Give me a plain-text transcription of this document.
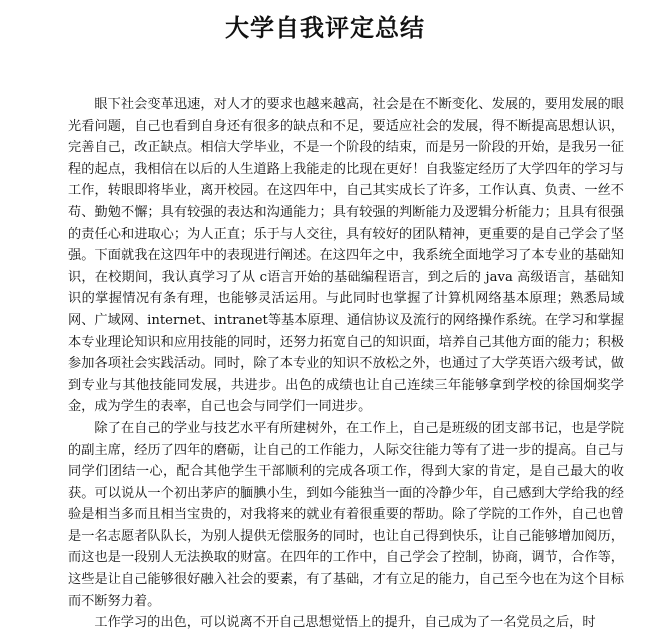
大学自我评定总结

眼下社会变革迅速，对人才的要求也越来越高，社会是在不断变化、发展的，要用发展的眼光看问题，自己也看到自身还有很多的缺点和不足，要适应社会的发展，得不断提高思想认识，完善自己，改正缺点。相信大学毕业，不是一个阶段的结束，而是另一阶段的开始，是我另一征程的起点，我相信在以后的人生道路上我能走的比现在更好！自我鉴定经历了大学四年的学习与工作，转眼即将毕业，离开校园。在这四年中，自己其实成长了许多，工作认真、负责、一丝不苟、勤勉不懈；具有较强的表达和沟通能力；具有较强的判断能力及逻辑分析能力；且具有很强的责任心和进取心；为人正直；乐于与人交往，具有较好的团队精神，更重要的是自己学会了坚强。下面就我在这四年中的表现进行阐述。在这四年之中，我系统全面地学习了本专业的基础知识，在校期间，我认真学习了从 c语言开始的基础编程语言，到之后的 java 高级语言，基础知识的掌握情况有条有理，也能够灵活运用。与此同时也掌握了计算机网络基本原理；熟悉局域网、广域网、internet、intranet等基本原理、通信协议及流行的网络操作系统。在学习和掌握本专业理论知识和应用技能的同时，还努力拓宽自己的知识面，培养自己其他方面的能力；积极参加各项社会实践活动。同时，除了本专业的知识不放松之外，也通过了大学英语六级考试，做到专业与其他技能同发展，共进步。出色的成绩也让自己连续三年能够拿到学校的徐国炯奖学金，成为学生的表率，自己也会与同学们一同进步。

除了在自己的学业与技艺水平有所建树外，在工作上，自己是班级的团支部书记，也是学院的副主席，经历了四年的磨砺，让自己的工作能力，人际交往能力等有了进一步的提高。自己与同学们团结一心，配合其他学生干部顺利的完成各项工作，得到大家的肯定，是自己最大的收获。可以说从一个初出茅庐的腼腆小生，到如今能独当一面的冷静少年，自己感到大学给我的经验是相当多而且相当宝贵的，对我将来的就业有着很重要的帮助。除了学院的工作外，自己也曾是一名志愿者队队长，为别人提供无偿服务的同时，也让自己得到快乐，让自己能够增加阅历，而这也是一段别人无法换取的财富。在四年的工作中，自己学会了控制，协商，调节，合作等，这些是让自己能够很好融入社会的要素，有了基础，才有立足的能力，自己至今也在为这个目标而不断努力着。

工作学习的出色，可以说离不开自己思想觉悟上的提升，自己成为了一名党员之后，时
